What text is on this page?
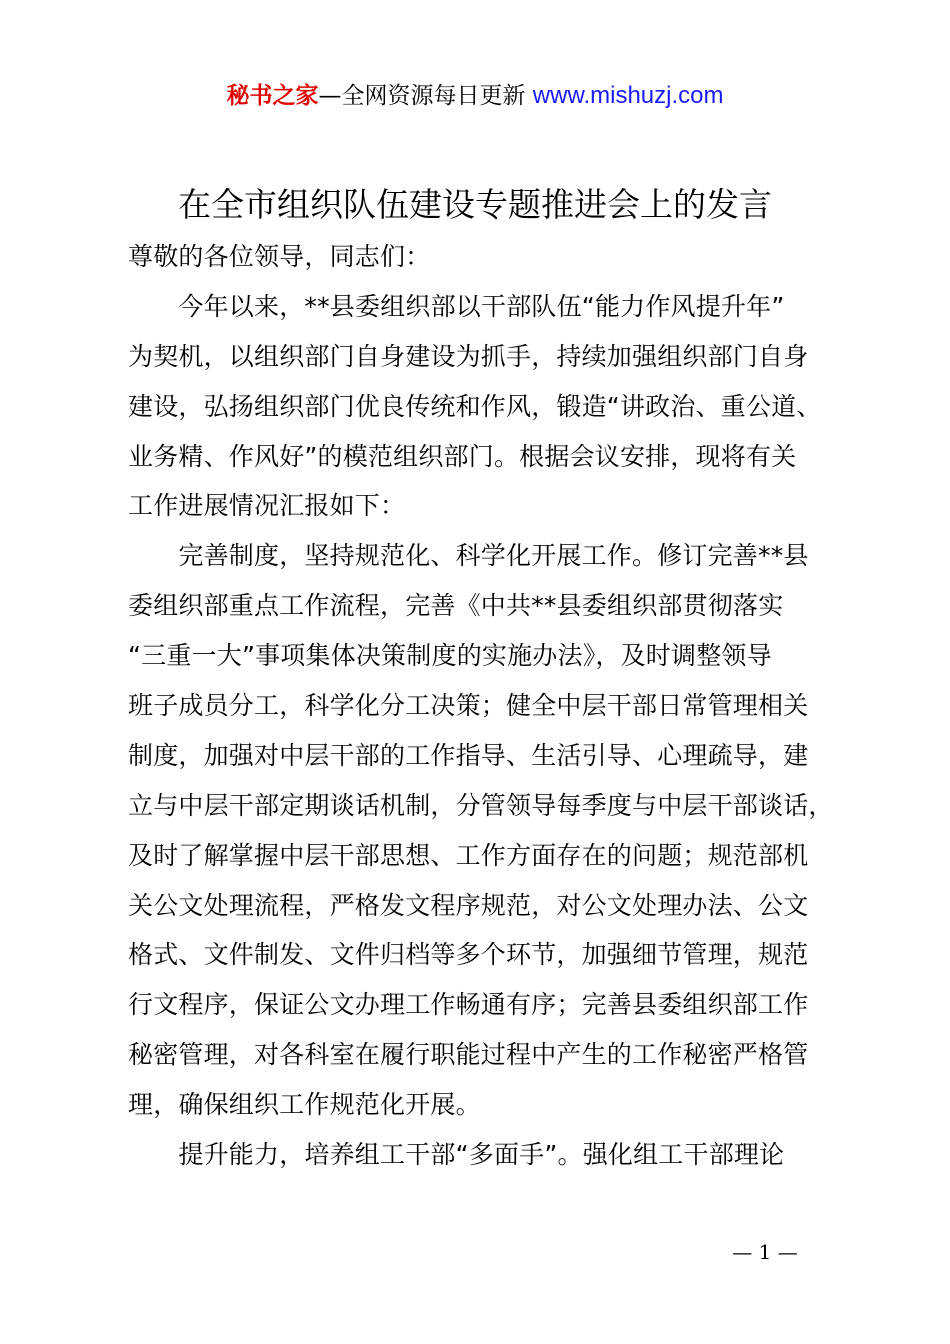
秘书之家—全网资源每日更新 www.mishuzj.com
在全市组织队伍建设专题推进会上的发言
尊敬的各位领导，同志们：
　　今年以来，**县委组织部以干部队伍“能力作风提升年”
为契机，以组织部门自身建设为抓手，持续加强组织部门自身
建设，弘扬组织部门优良传统和作风，锻造“讲政治、重公道、
业务精、作风好”的模范组织部门。根据会议安排，现将有关
工作进展情况汇报如下：
　　完善制度，坚持规范化、科学化开展工作。修订完善**县
委组织部重点工作流程，完善《中共**县委组织部贯彻落实
“三重一大”事项集体决策制度的实施办法》，及时调整领导
班子成员分工，科学化分工决策；健全中层干部日常管理相关
制度，加强对中层干部的工作指导、生活引导、心理疏导，建
立与中层干部定期谈话机制，分管领导每季度与中层干部谈话，
及时了解掌握中层干部思想、工作方面存在的问题；规范部机
关公文处理流程，严格发文程序规范，对公文处理办法、公文
格式、文件制发、文件归档等多个环节，加强细节管理，规范
行文程序，保证公文办理工作畅通有序；完善县委组织部工作
秘密管理，对各科室在履行职能过程中产生的工作秘密严格管
理，确保组织工作规范化开展。
　　提升能力，培养组工干部“多面手”。强化组工干部理论
— 1 —
